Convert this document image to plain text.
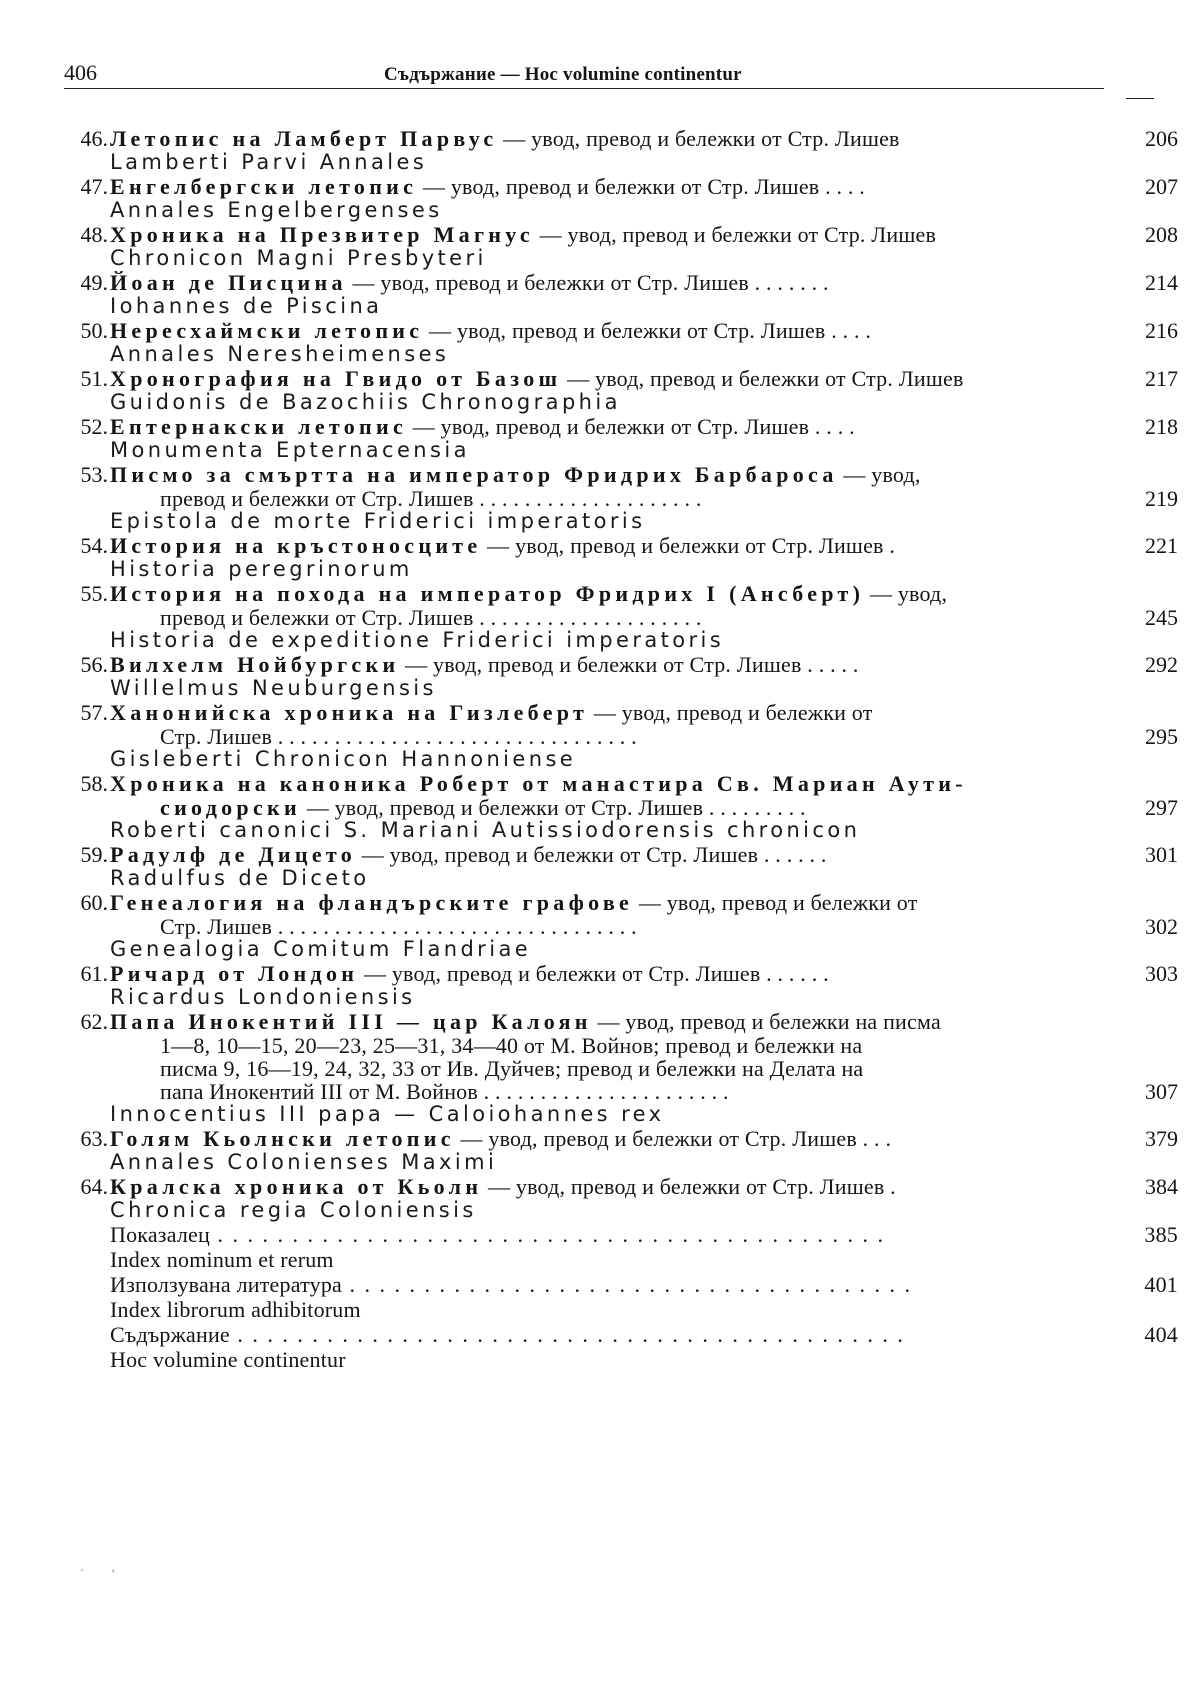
406	Съдържание — Hoc volumine continentur
46. Летопис на Ламберт Парвус — увод, превод и бележки от Стр. Лишев	206
Lamberti Parvi Annales
47. Енгелбергски летопис — увод, превод и бележки от Стр. Лишев . . . .	207
Annales Engelbergenses
48. Хроника на Презвитер Магнус — увод, превод и бележки от Стр. Лишев	208
Chronicon Magni Presbyteri
49. Йоан де Писцина — увод, превод и бележки от Стр. Лишев . . . . . . .	214
Iohannes de Piscina
50. Нересхаймски летопис — увод, превод и бележки от Стр. Лишев . . . .	216
Annales Neresheimenses
51. Хронография на Гвидо от Базош — увод, превод и бележки от Стр. Лишев	217
Guidonis de Bazochiis Chronographia
52. Ептернакски летопис — увод, превод и бележки от Стр. Лишев . . . .	218
Monumenta Epternacensia
53. Писмо за смъртта на император Фридрих Барбароса — увод,
превод и бележки от Стр. Лишев . . . . . . . . . . . . . . . . . . . .	219
Epistola de morte Friderici imperatoris
54. История на кръстоносците — увод, превод и бележки от Стр. Лишев .	221
Historia peregrinorum
55. История на похода на император Фридрих I (Ансберт) — увод,
превод и бележки от Стр. Лишев . . . . . . . . . . . . . . . . . . . .	245
Historia de expeditione Friderici imperatoris
56. Вилхелм Нойбургски — увод, превод и бележки от Стр. Лишев . . . . .	292
Willelmus Neuburgensis
57. Ханонийска хроника на Гизлеберт — увод, превод и бележки от
Стр. Лишев . . . . . . . . . . . . . . . . . . . . . . . . . . . . . . . .	295
Gisleberti Chronicon Hannoniense
58. Хроника на каноника Роберт от манастира Св. Мариан Аути-
сиодорски — увод, превод и бележки от Стр. Лишев . . . . . . . . .	297
Roberti canonici S. Mariani Autissiodorensis chronicon
59. Радулф де Дицето — увод, превод и бележки от Стр. Лишев . . . . . .	301
Radulfus de Diceto
60. Генеалогия на фландърските графове — увод, превод и бележки от
Стр. Лишев . . . . . . . . . . . . . . . . . . . . . . . . . . . . . . . .	302
Genealogia Comitum Flandriae
61. Ричард от Лондон — увод, превод и бележки от Стр. Лишев . . . . . .	303
Ricardus Londoniensis
62. Папа Инокентий III — цар Калоян — увод, превод и бележки на писма
1—8, 10—15, 20—23, 25—31, 34—40 от М. Войнов; превод и бележки на
писма 9, 16—19, 24, 32, 33 от Ив. Дуйчев; превод и бележки на Делата на
папа Инокентий III от М. Войнов . . . . . . . . . . . . . . . . . . . . . .	307
Innocentius III papa — Caloiohannes rex
63. Голям Кьолнски летопис — увод, превод и бележки от Стр. Лишев . . .	379
Annales Colonienses Maximi
64. Кралска хроника от Кьолн — увод, превод и бележки от Стр. Лишев .	384
Chronica regia Coloniensis
Показалец . . . . . . . . . . . . . . . . . . . . . . . . . . . . . . . . . . . . . . . . . . . . .	385
Index nominum et rerum
Използувана литература . . . . . . . . . . . . . . . . . . . . . . . . . . . . . . . . . . . . . .	401
Index librorum adhibitorum
Съдържание . . . . . . . . . . . . . . . . . . . . . . . . . . . . . . . . . . . . . . . . . . . . .	404
Hoc volumine continentur
.        ,
